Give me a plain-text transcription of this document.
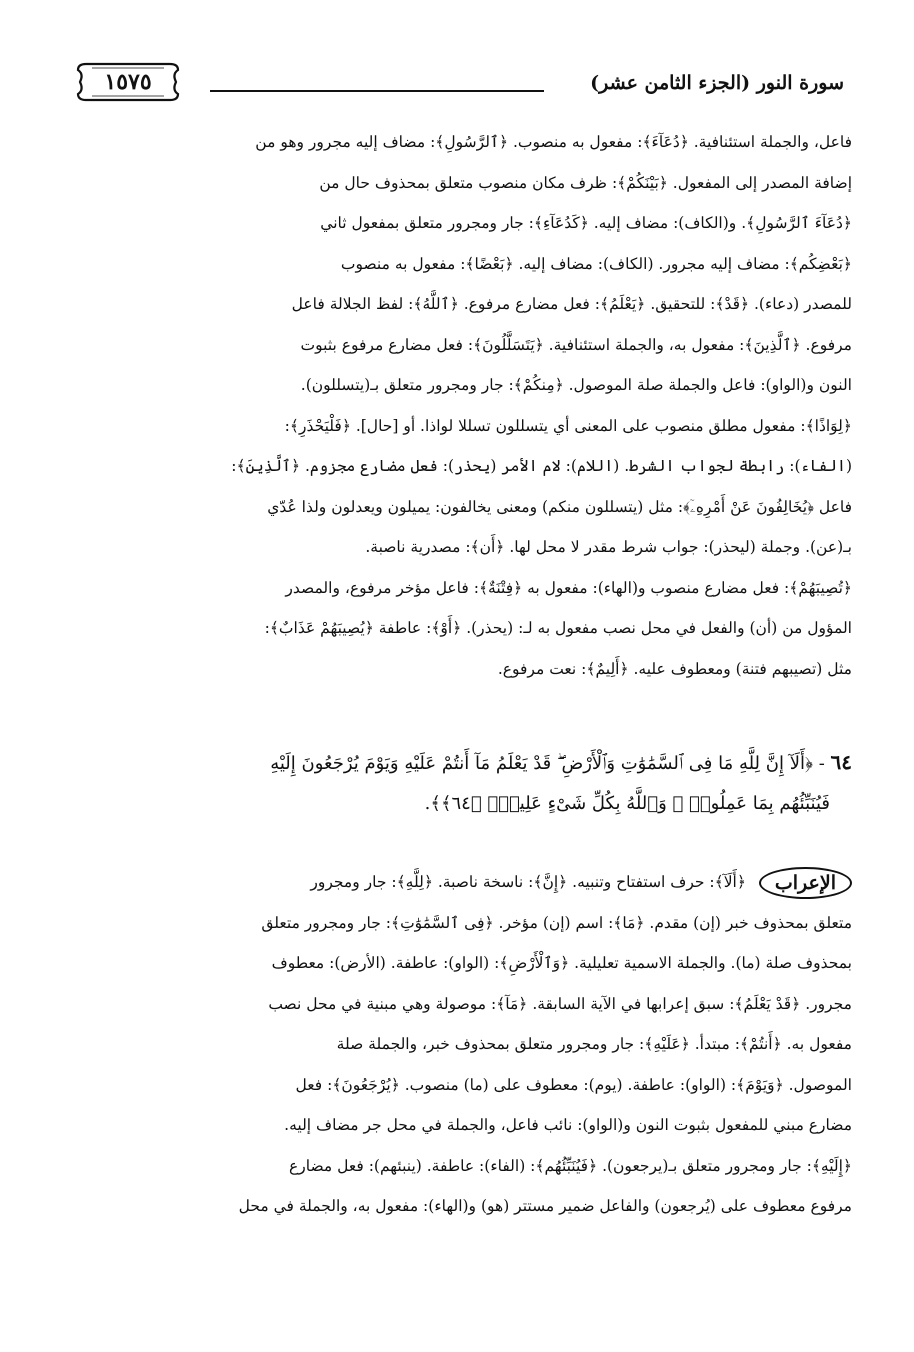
سورة النور (الجزء الثامن عشر)
١٥٧٥
فاعل، والجملة استئنافية. ﴿دُعَآءَ﴾: مفعول به منصوب. ﴿ٱلرَّسُولِ﴾: مضاف إليه مجرور وهو من
إضافة المصدر إلى المفعول. ﴿بَيْنَكُمْ﴾: ظرف مكان منصوب متعلق بمحذوف حال من
﴿دُعَآءَ ٱلرَّسُولِ﴾. و(الكاف): مضاف إليه. ﴿كَدُعَآءِ﴾: جار ومجرور متعلق بمفعول ثاني
﴿بَعْضِكُم﴾: مضاف إليه مجرور. (الكاف): مضاف إليه. ﴿بَعْضًا﴾: مفعول به منصوب
للمصدر (دعاء). ﴿قَدْ﴾: للتحقيق. ﴿يَعْلَمُ﴾: فعل مضارع مرفوع. ﴿ٱللَّهُ﴾: لفظ الجلالة فاعل
مرفوع. ﴿ٱلَّذِينَ﴾: مفعول به، والجملة استئنافية. ﴿يَتَسَلَّلُونَ﴾: فعل مضارع مرفوع بثبوت
النون و(الواو): فاعل والجملة صلة الموصول. ﴿مِنكُمْ﴾: جار ومجرور متعلق بـ(يتسللون).
﴿لِوَاذًا﴾: مفعول مطلق منصوب على المعنى أي يتسللون تسللا لواذا. أو [حال]. ﴿فَلْيَحْذَرِ﴾:
(الفاء): رابطة لجواب الشرط. (اللام): لام الأمر (يحذر): فعل مضارع مجزوم. ﴿ٱلَّذِينَ﴾:
فاعل ﴿يُخَالِفُونَ عَنْ أَمْرِهِۦٓ﴾: مثل (يتسللون منكم) ومعنى يخالفون: يميلون ويعدلون ولذا عُدّي
بـ(عن). وجملة (ليحذر): جواب شرط مقدر لا محل لها. ﴿أَن﴾: مصدرية ناصبة.
﴿تُصِيبَهُمْ﴾: فعل مضارع منصوب و(الهاء): مفعول به ﴿فِتْنَةٌ﴾: فاعل مؤخر مرفوع، والمصدر
المؤول من (أن) والفعل في محل نصب مفعول به لـ: (يحذر). ﴿أَوْ﴾: عاطفة ﴿يُصِيبَهُمْ عَذَابٌ﴾:
مثل (تصيبهم فتنة) ومعطوف عليه. ﴿أَلِيمٌ﴾: نعت مرفوع.
٦٤ - ﴿أَلَآ إِنَّ لِلَّهِ مَا فِى ٱلسَّمَٰوَٰتِ وَٱلْأَرْضِ ۖ قَدْ يَعْلَمُ مَآ أَنتُمْ عَلَيْهِ وَيَوْمَ يُرْجَعُونَ إِلَيْهِ
فَيُنَبِّئُهُم بِمَا عَمِلُوا۟ ۗ وَٱللَّهُ بِكُلِّ شَىْءٍ عَلِيمٌۢ ﴿٦٤﴾﴾.
الإعراب ﴿أَلَآ﴾: حرف استفتاح وتنبيه. ﴿إِنَّ﴾: ناسخة ناصبة. ﴿لِلَّهِ﴾: جار ومجرور
متعلق بمحذوف خبر (إن) مقدم. ﴿مَا﴾: اسم (إن) مؤخر. ﴿فِى ٱلسَّمَٰوَٰتِ﴾: جار ومجرور متعلق
بمحذوف صلة (ما). والجملة الاسمية تعليلية. ﴿وَٱلْأَرْضِ﴾: (الواو): عاطفة. (الأرض): معطوف
مجرور. ﴿قَدْ يَعْلَمُ﴾: سبق إعرابها في الآية السابقة. ﴿مَآ﴾: موصولة وهي مبنية في محل نصب
مفعول به. ﴿أَنتُمْ﴾: مبتدأ. ﴿عَلَيْهِ﴾: جار ومجرور متعلق بمحذوف خبر، والجملة صلة
الموصول. ﴿وَيَوْمَ﴾: (الواو): عاطفة. (يوم): معطوف على (ما) منصوب. ﴿يُرْجَعُونَ﴾: فعل
مضارع مبني للمفعول بثبوت النون و(الواو): نائب فاعل، والجملة في محل جر مضاف إليه.
﴿إِلَيْهِ﴾: جار ومجرور متعلق بـ(يرجعون). ﴿فَيُنَبِّئُهُم﴾: (الفاء): عاطفة. (ينبئهم): فعل مضارع
مرفوع معطوف على (يُرجعون) والفاعل ضمير مستتر (هو) و(الهاء): مفعول به، والجملة في محل
